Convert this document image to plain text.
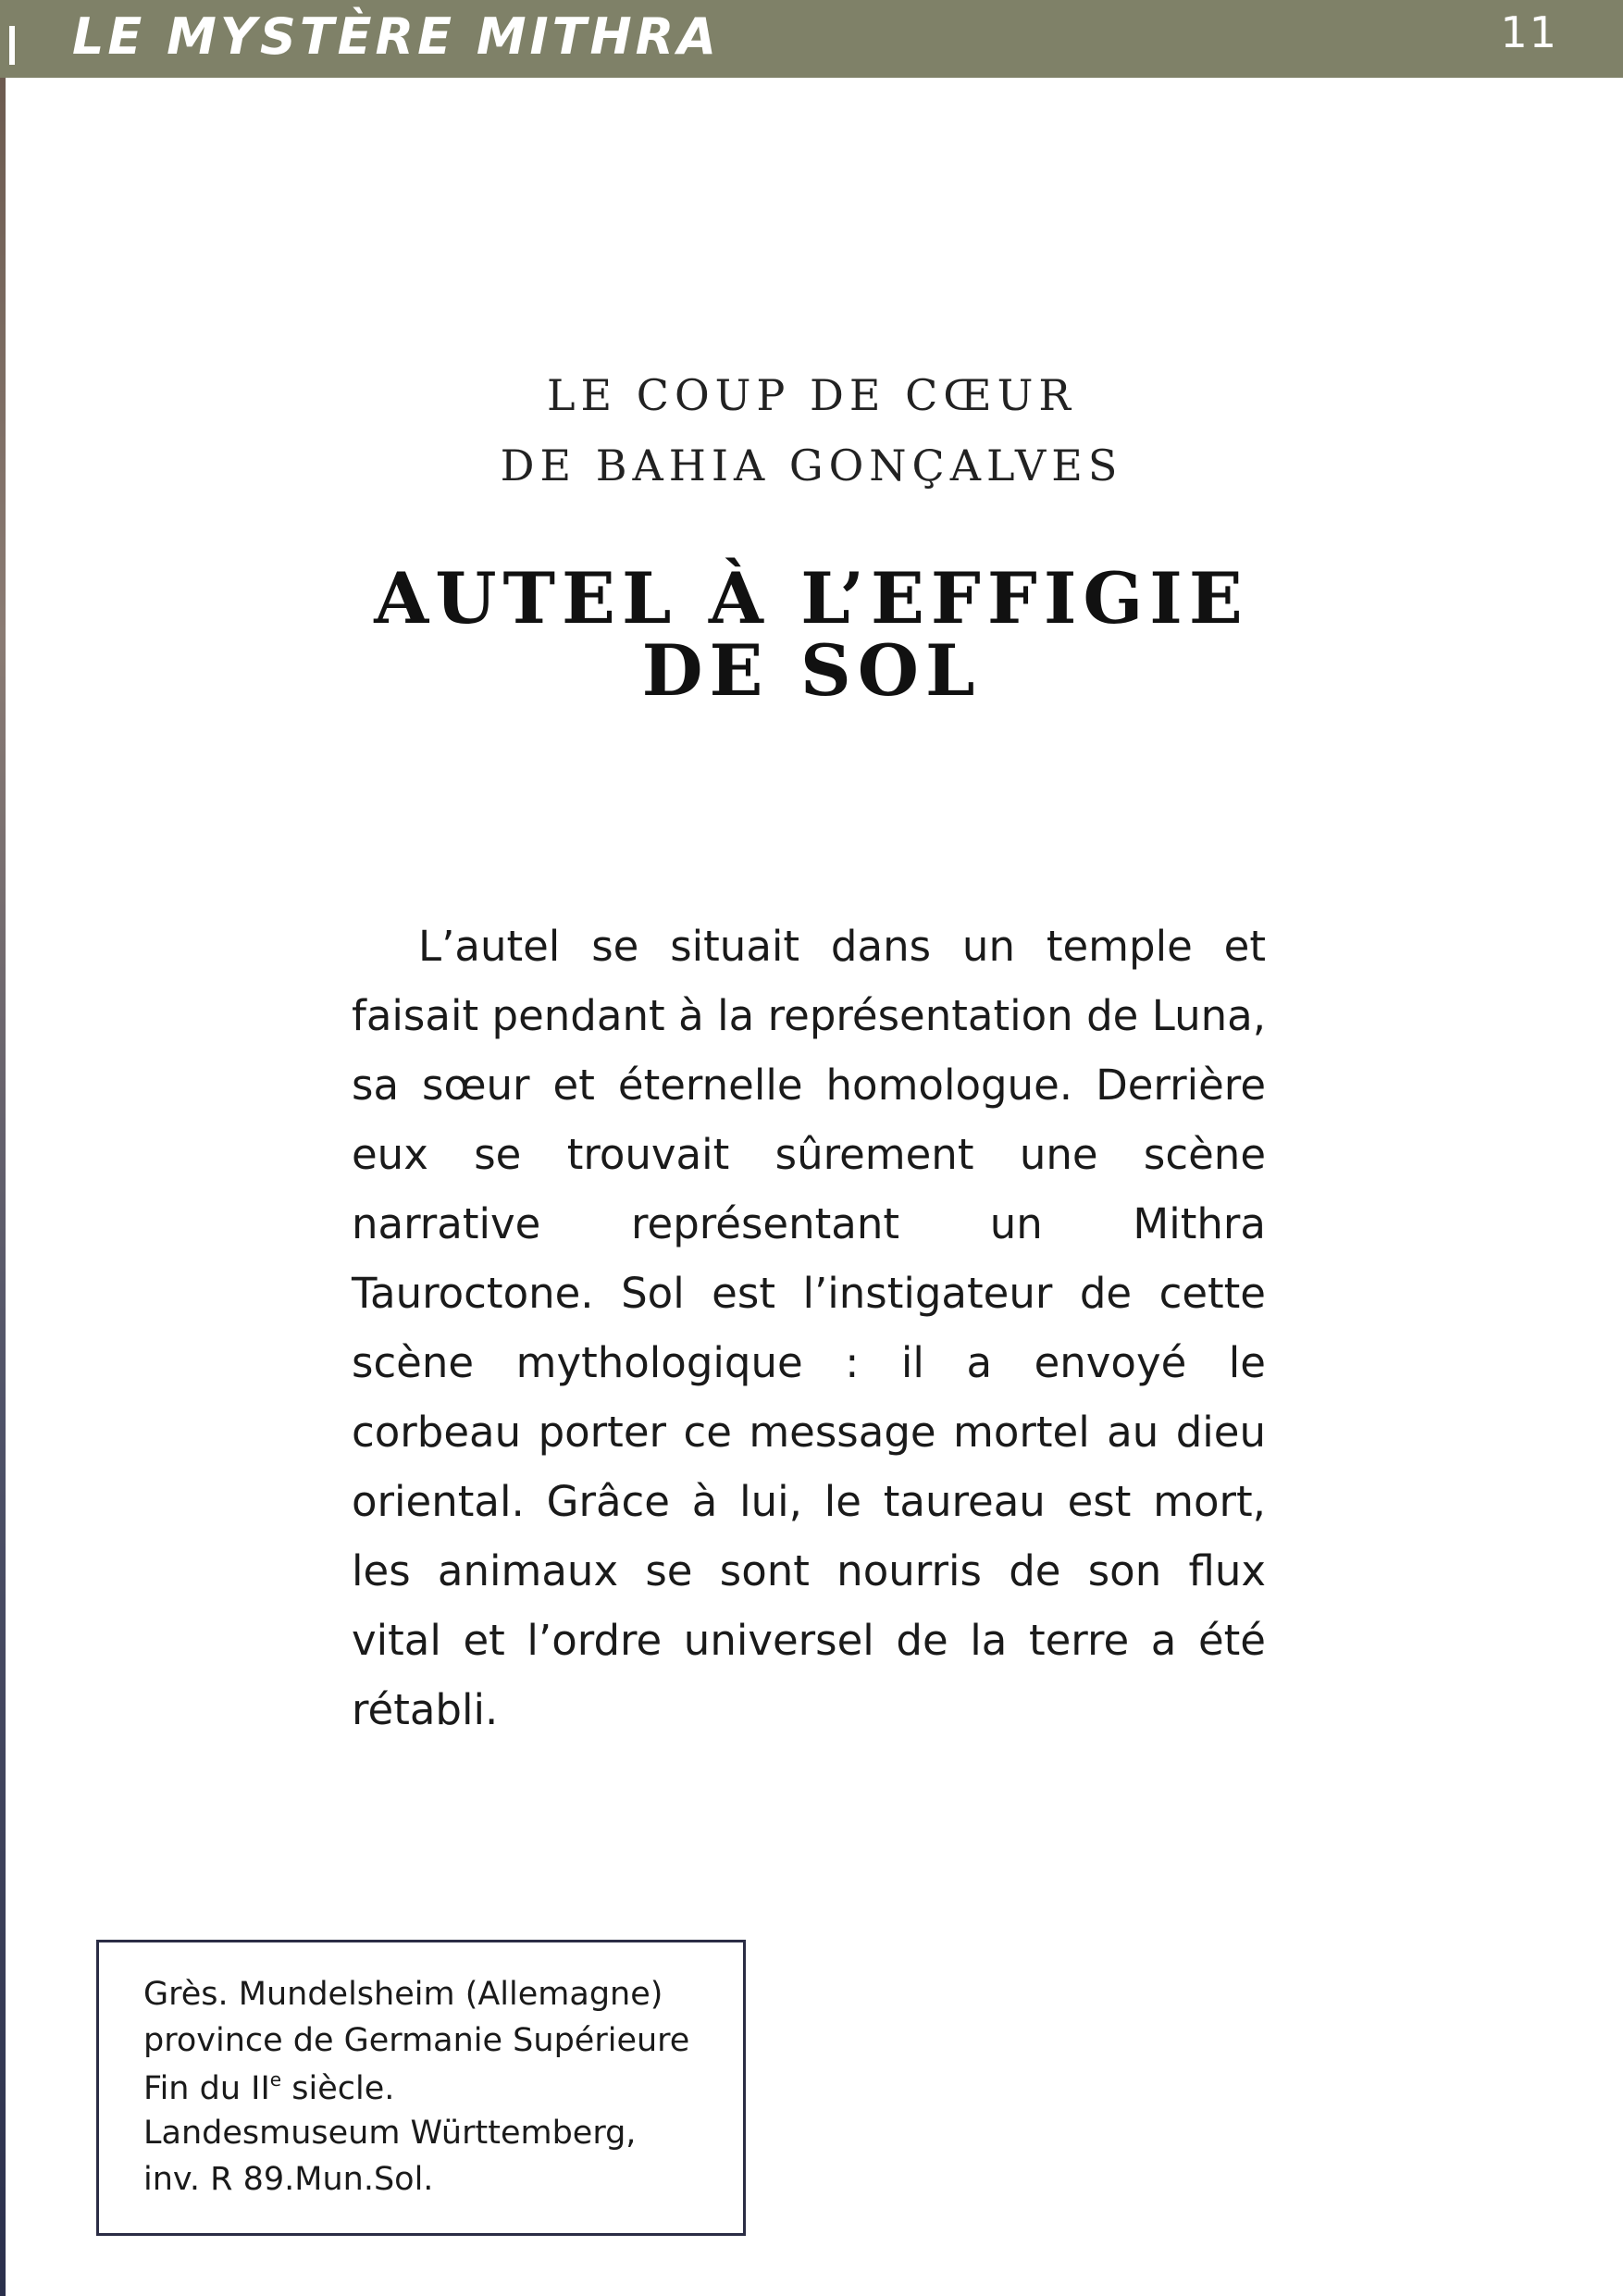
LE MYSTÈRE MITHRA	11
LE COUP DE CŒUR
DE BAHIA GONÇALVES
AUTEL À L’EFFIGIE
DE SOL

L’autel se situait dans un temple et faisait pendant à la représentation de Luna, sa sœur et éternelle homologue. Derrière eux se trouvait sûrement une scène narrative représentant un Mithra Tauroctone. Sol est l’instigateur de cette scène mythologique : il a envoyé le corbeau porter ce message mortel au dieu oriental. Grâce à lui, le taureau est mort, les animaux se sont nourris de son flux vital et l’ordre universel de la terre a été rétabli.

Grès. Mundelsheim (Allemagne)
province de Germanie Supérieure
Fin du IIe siècle.
Landesmuseum Württemberg,
inv. R 89.Mun.Sol.
